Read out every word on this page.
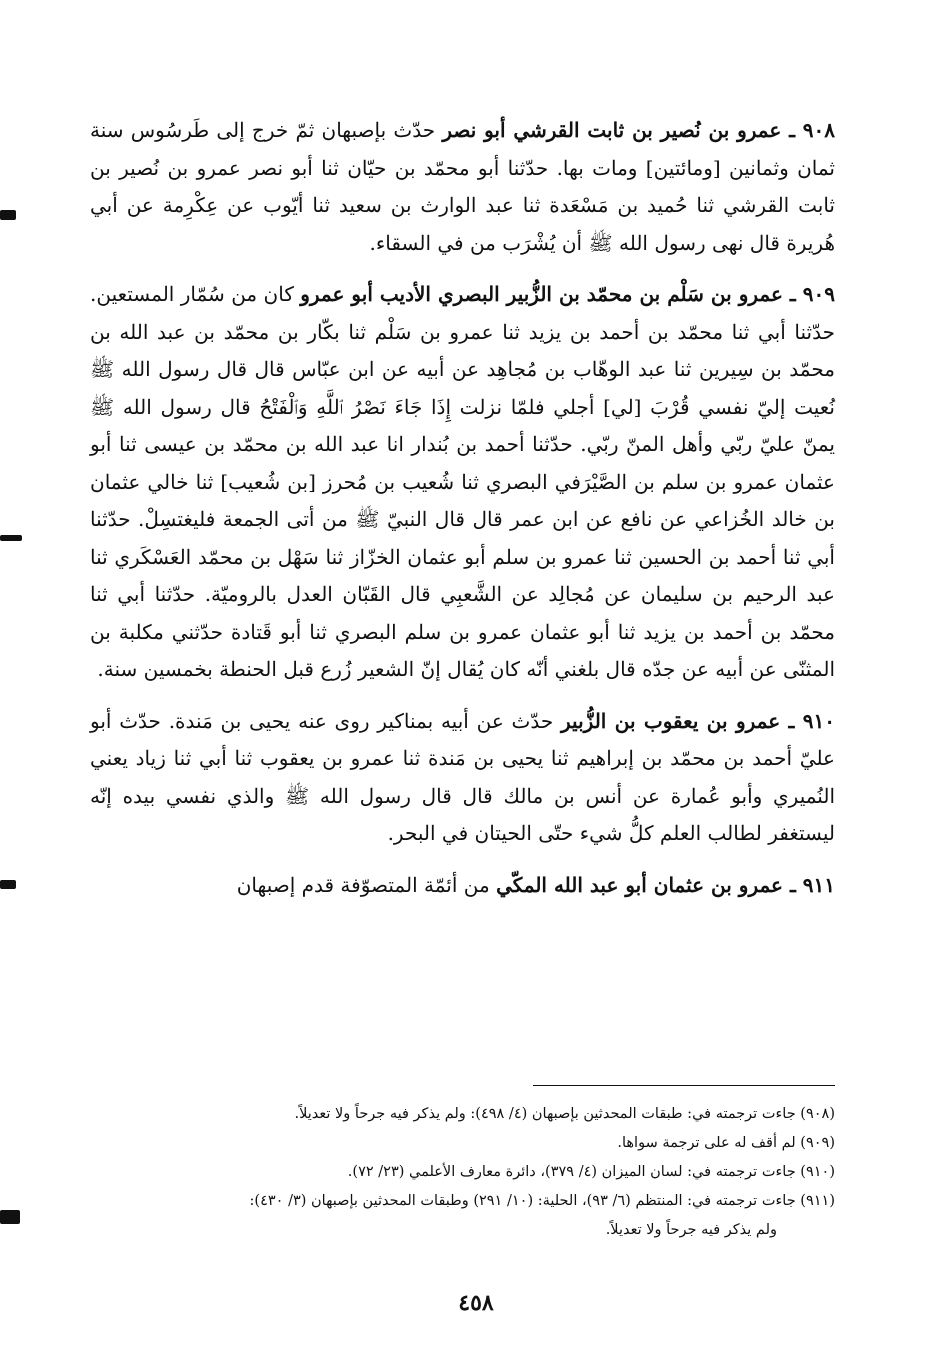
٩٠٨ ـ عمرو بن نُصير بن ثابت القرشي أبو نصر حدّث بإصبهان ثمّ خرج إلى طَرسُوس سنة ثمان وثمانين [ومائتين] ومات بها. حدّثنا أبو محمّد بن حيّان ثنا أبو نصر عمرو بن نُصير بن ثابت القرشي ثنا حُميد بن مَسْعَدة ثنا عبد الوارث بن سعيد ثنا أيّوب عن عِكْرِمة عن أبي هُريرة قال نهى رسول الله ﷺ أن يُشْرَب من في السقاء.

٩٠٩ ـ عمرو بن سَلْم بن محمّد بن الزُّبير البصري الأديب أبو عمرو كان من سُمّار المستعين. حدّثنا أبي ثنا محمّد بن أحمد بن يزيد ثنا عمرو بن سَلْم ثنا بكّار بن محمّد بن عبد الله بن محمّد بن سِيرين ثنا عبد الوهّاب بن مُجاهِد عن أبيه عن ابن عبّاس قال قال رسول الله ﷺ نُعيت إليّ نفسي قُرْبَ [لي] أجلي فلمّا نزلت إِذَا جَاءَ نَصْرُ ٱللَّهِ وَٱلْفَتْحُ قال رسول الله ﷺ يمنّ عليّ ربّي وأهل المنّ ربّي. حدّثنا أحمد بن بُندار انا عبد الله بن محمّد بن عيسى ثنا أبو عثمان عمرو بن سلم بن الصَّيْرَفي البصري ثنا شُعيب بن مُحرز [بن شُعيب] ثنا خالي عثمان بن خالد الخُزاعي عن نافع عن ابن عمر قال قال النبيّ ﷺ من أتى الجمعة فليغتسِلْ. حدّثنا أبي ثنا أحمد بن الحسين ثنا عمرو بن سلم أبو عثمان الخزّاز ثنا سَهْل بن محمّد العَسْكَري ثنا عبد الرحيم بن سليمان عن مُجالِد عن الشَّعبِي قال القَبّان العدل بالروميّة. حدّثنا أبي ثنا محمّد بن أحمد بن يزيد ثنا أبو عثمان عمرو بن سلم البصري ثنا أبو قَتادة حدّثني مكلبة بن المثنّى عن أبيه عن جدّه قال بلغني أنّه كان يُقال إنّ الشعير زُرع قبل الحنطة بخمسين سنة.

٩١٠ ـ عمرو بن يعقوب بن الزُّبير حدّث عن أبيه بمناكير روى عنه يحيى بن مَندة. حدّث أبو عليّ أحمد بن محمّد بن إبراهيم ثنا يحيى بن مَندة ثنا عمرو بن يعقوب ثنا أبي ثنا زياد يعني النُميري وأبو عُمارة عن أنس بن مالك قال قال رسول الله ﷺ والذي نفسي بيده إنّه ليستغفر لطالب العلم كلُّ شيء حتّى الحيتان في البحر.

٩١١ ـ عمرو بن عثمان أبو عبد الله المكّي من أئمّة المتصوّفة قدم إصبهان

(٩٠٨) جاءت ترجمته في: طبقات المحدثين بإصبهان (٤/ ٤٩٨): ولم يذكر فيه جرحاً ولا تعديلاً.

(٩٠٩) لم أقف له على ترجمة سواها.

(٩١٠) جاءت ترجمته في: لسان الميزان (٤/ ٣٧٩)، دائرة معارف الأعلمي (٢٣/ ٧٢).

(٩١١) جاءت ترجمته في: المنتظم (٦/ ٩٣)، الحلية: (١٠/ ٢٩١) وطبقات المحدثين بإصبهان (٣/ ٤٣٠):

ولم يذكر فيه جرحاً ولا تعديلاً.

٤٥٨
